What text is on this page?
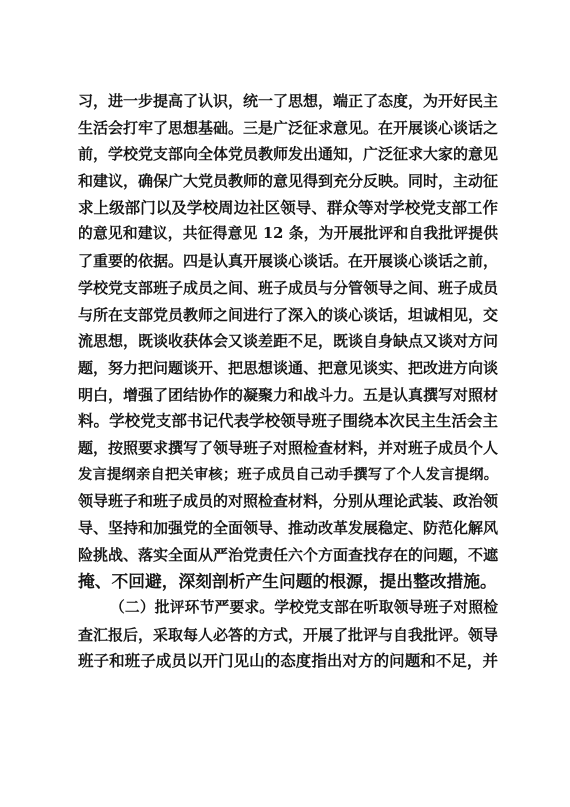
习，进一步提高了认识，统一了思想，端正了态度，为开好民主
生活会打牢了思想基础。三是广泛征求意见。在开展谈心谈话之
前，学校党支部向全体党员教师发出通知，广泛征求大家的意见
和建议，确保广大党员教师的意见得到充分反映。同时，主动征
求上级部门以及学校周边社区领导、群众等对学校党支部工作
的意见和建议，共征得意见 12 条，为开展批评和自我批评提供
了重要的依据。四是认真开展谈心谈话。在开展谈心谈话之前，
学校党支部班子成员之间、班子成员与分管领导之间、班子成员
与所在支部党员教师之间进行了深入的谈心谈话，坦诚相见，交
流思想，既谈收获体会又谈差距不足，既谈自身缺点又谈对方问
题，努力把问题谈开、把思想谈通、把意见谈实、把改进方向谈
明白，增强了团结协作的凝聚力和战斗力。五是认真撰写对照材
料。学校党支部书记代表学校领导班子围绕本次民主生活会主
题，按照要求撰写了领导班子对照检查材料，并对班子成员个人
发言提纲亲自把关审核；班子成员自己动手撰写了个人发言提纲。
领导班子和班子成员的对照检查材料，分别从理论武装、政治领
导、坚持和加强党的全面领导、推动改革发展稳定、防范化解风
险挑战、落实全面从严治党责任六个方面查找存在的问题，不遮
掩、不回避，深刻剖析产生问题的根源，提出整改措施。
（二）批评环节严要求。学校党支部在听取领导班子对照检
查汇报后，采取每人必答的方式，开展了批评与自我批评。领导
班子和班子成员以开门见山的态度指出对方的问题和不足，并
